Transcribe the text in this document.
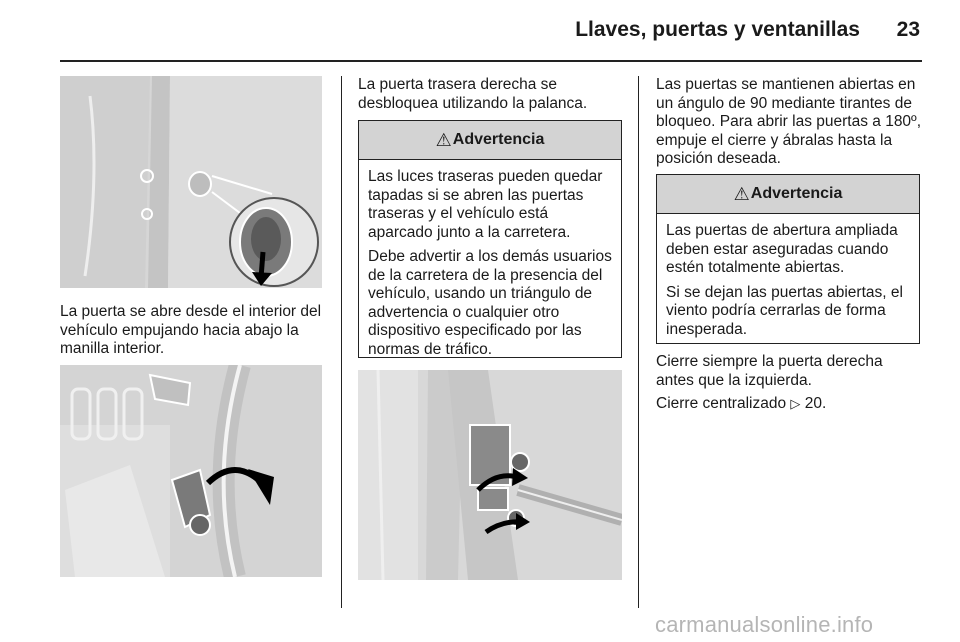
Llaves, puertas y ventanillas	23

La puerta se abre desde el interior del vehículo empujando hacia abajo la manilla interior.

La puerta trasera derecha se desbloquea utilizando la palanca.

⚠ Advertencia

Las luces traseras pueden quedar tapadas si se abren las puertas traseras y el vehículo está aparcado junto a la carretera.

Debe advertir a los demás usuarios de la carretera de la presencia del vehículo, usando un triángulo de advertencia o cualquier otro dispositivo especificado por las normas de tráfico.

Las puertas se mantienen abiertas en un ángulo de 90 mediante tirantes de bloqueo. Para abrir las puertas a 180º, empuje el cierre y ábralas hasta la posición deseada.

⚠ Advertencia

Las puertas de abertura ampliada deben estar aseguradas cuando estén totalmente abiertas.

Si se dejan las puertas abiertas, el viento podría cerrarlas de forma inesperada.

Cierre siempre la puerta derecha antes que la izquierda.

Cierre centralizado ▷ 20.

carmanualsonline.info
